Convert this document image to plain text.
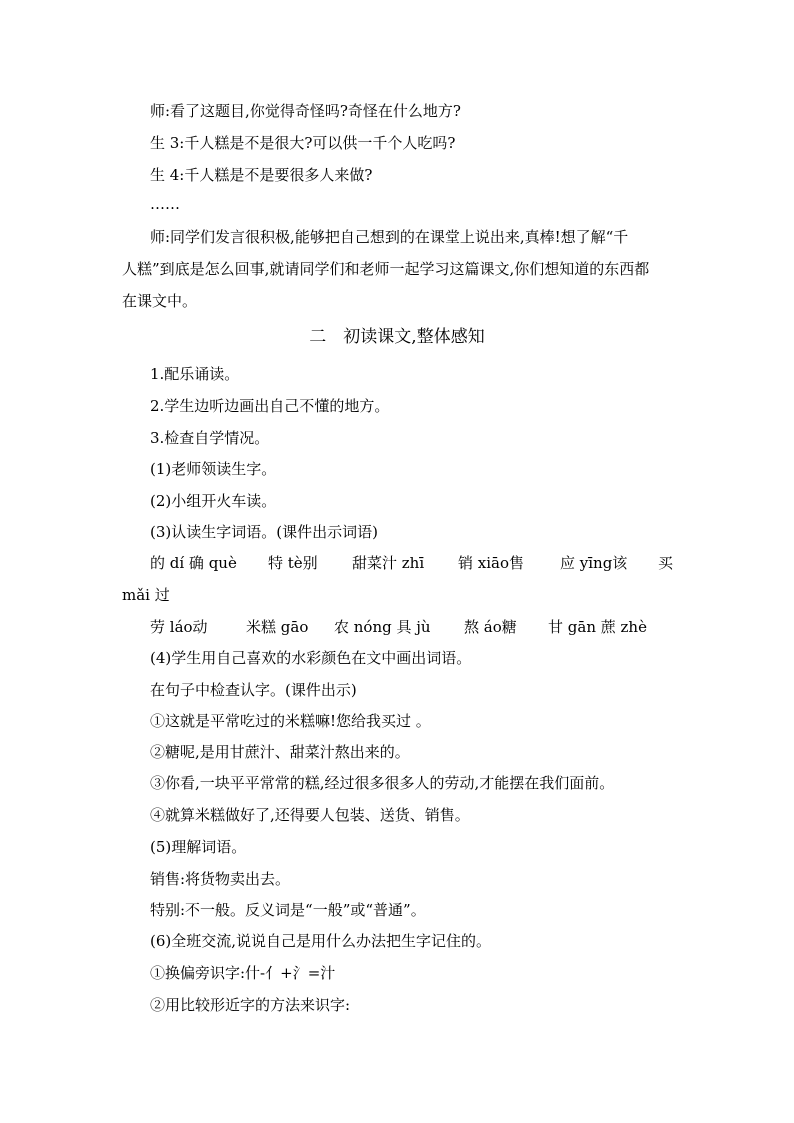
师:看了这题目,你觉得奇怪吗?奇怪在什么地方?
生 3:千人糕是不是很大?可以供一千个人吃吗?
生 4:千人糕是不是要很多人来做?
……
师:同学们发言很积极,能够把自己想到的在课堂上说出来,真棒!想了解“千
人糕”到底是怎么回事,就请同学们和老师一起学习这篇课文,你们想知道的东西都
在课文中。
二　初读课文,整体感知
1.配乐诵读。
2.学生边听边画出自己不懂的地方。
3.检查自学情况。
(1)老师领读生字。
(2)小组开火车读。
(3)认读生字词语。(课件出示词语)
的 dí 确 què 特 tè别 甜菜汁 zhī 销 xiāo售 应 yīng该 买
mǎi 过
劳 láo动	米糕 gāo 农 nóng 具 jù 熬 áo糖 甘 gān 蔗 zhè
(4)学生用自己喜欢的水彩颜色在文中画出词语。
在句子中检查认字。(课件出示)
①这就是平常吃过的米糕嘛!您给我买过 。
②糖呢,是用甘蔗汁、甜菜汁熬出来的。
③你看,一块平平常常的糕,经过很多很多人的劳动,才能摆在我们面前。
④就算米糕做好了,还得要人包装、送货、销售。
(5)理解词语。
销售:将货物卖出去。
特别:不一般。反义词是“一般”或“普通”。
(6)全班交流,说说自己是用什么办法把生字记住的。
①换偏旁识字:什-亻+氵=汁
②用比较形近字的方法来识字:
